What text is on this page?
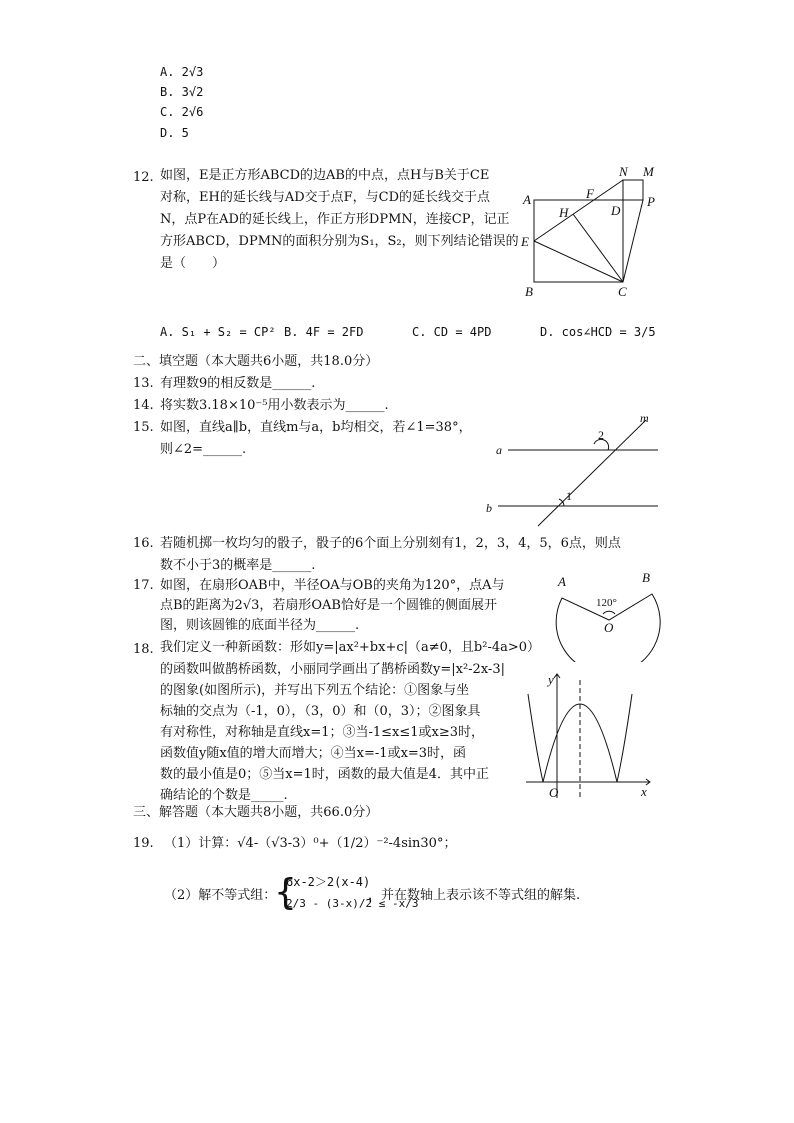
A. 2√3
B. 3√2
C. 2√6
D. 5
12. 如图，E是正方形ABCD的边AB的中点，点H与B关于CE
对称，EH的延长线与AD交于点F，与CD的延长线交于点
N，点P在AD的延长线上，作正方形DPMN，连接CP，记正
方形ABCD，DPMN的面积分别为S₁，S₂，则下列结论错误的
是（　　）
N M
A	F
D
P
H
E
B	C
A. S₁ + S₂ = CP² B. 4F = 2FD	C. CD = 4PD	D. cos∠HCD = 3/5
二、填空题（本大题共6小题，共18.0分）
13. 有理数9的相反数是______.
14. 将实数3.18×10⁻⁵用小数表示为______.
15. 如图，直线a∥b，直线m与a，b均相交，若∠1=38°，
则∠2=______.
m
2
a
1
b
16. 若随机掷一枚均匀的骰子，骰子的6个面上分别刻有1，2，3，4，5，6点，则点
数不小于3的概率是______.
17. 如图，在扇形OAB中，半径OA与OB的夹角为120°，点A与
点B的距离为2√3，若扇形OAB恰好是一个圆锥的侧面展开
图，则该圆锥的底面半径为______.
A	B
120°
O
18. 我们定义一种新函数：形如y=|ax²+bx+c|（a≠0，且b²-4a>0）
的函数叫做鹊桥函数，小丽同学画出了鹊桥函数y=|x²-2x-3|
的图象(如图所示)，并写出下列五个结论：①图象与坐
标轴的交点为（-1，0），（3，0）和（0，3）；②图象具
有对称性，对称轴是直线x=1；③当-1≤x≤1或x≥3时，
函数值y随x值的增大而增大；④当x=-1或x=3时，函
数的最小值是0；⑤当x=1时，函数的最大值是4．其中正
确结论的个数是_____.
y
O	x
三、解答题（本大题共8小题，共66.0分）
19. （1）计算：√4-（√3-3）⁰+（1/2）⁻²-4sin30°；
（2）解不等式组：
{
6x-2＞2(x-4)
2/3 - (3-x)/2 ≤ -x/3
，并在数轴上表示该不等式组的解集.
